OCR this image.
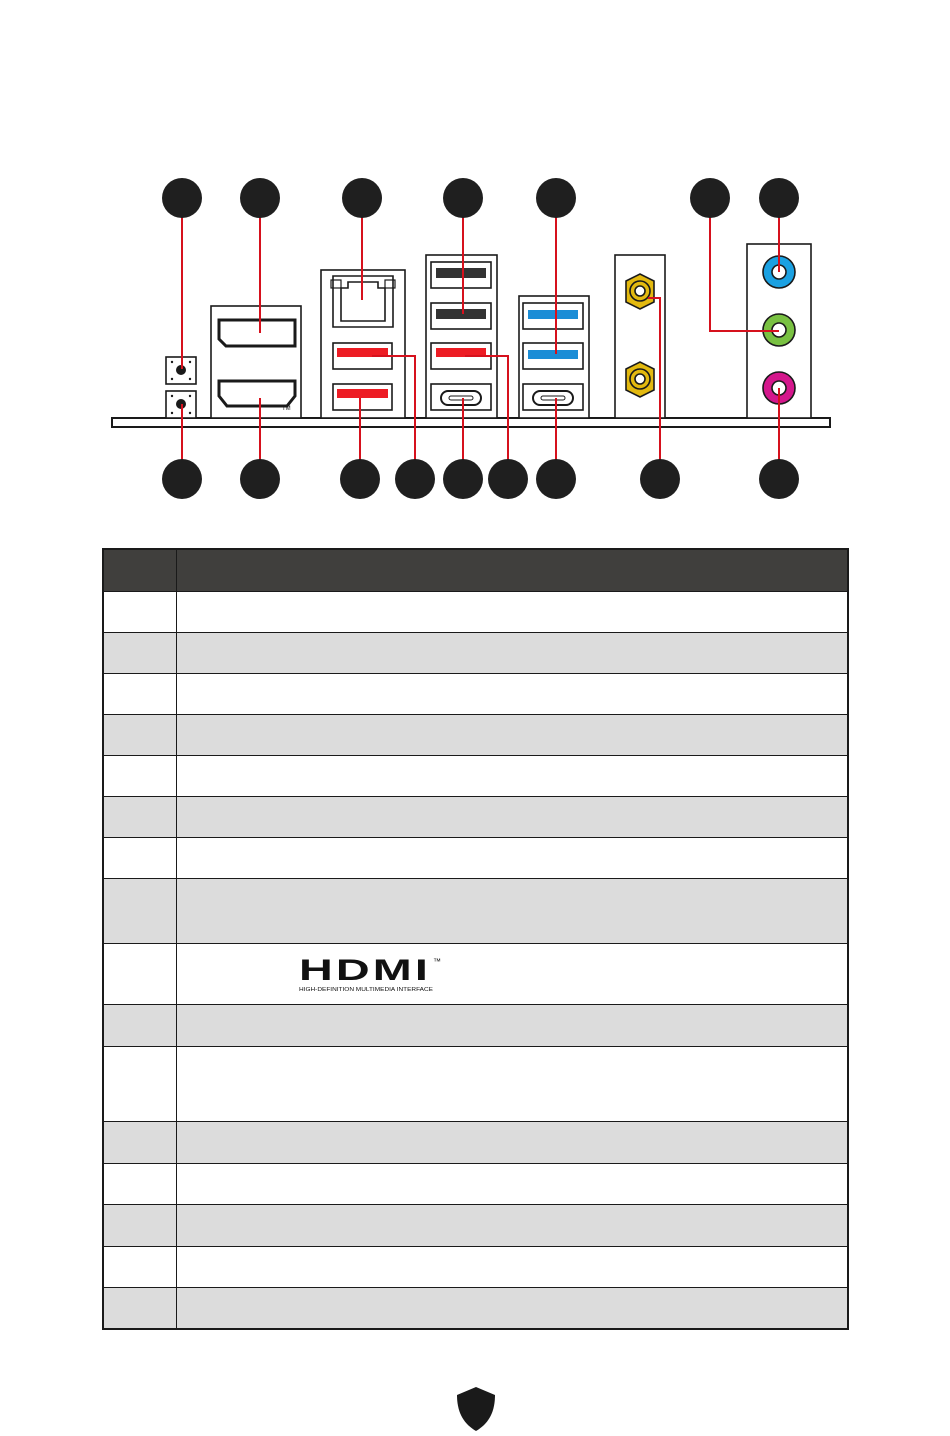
TM

HDMI ™
HIGH-DEFINITION MULTIMEDIA INTERFACE
